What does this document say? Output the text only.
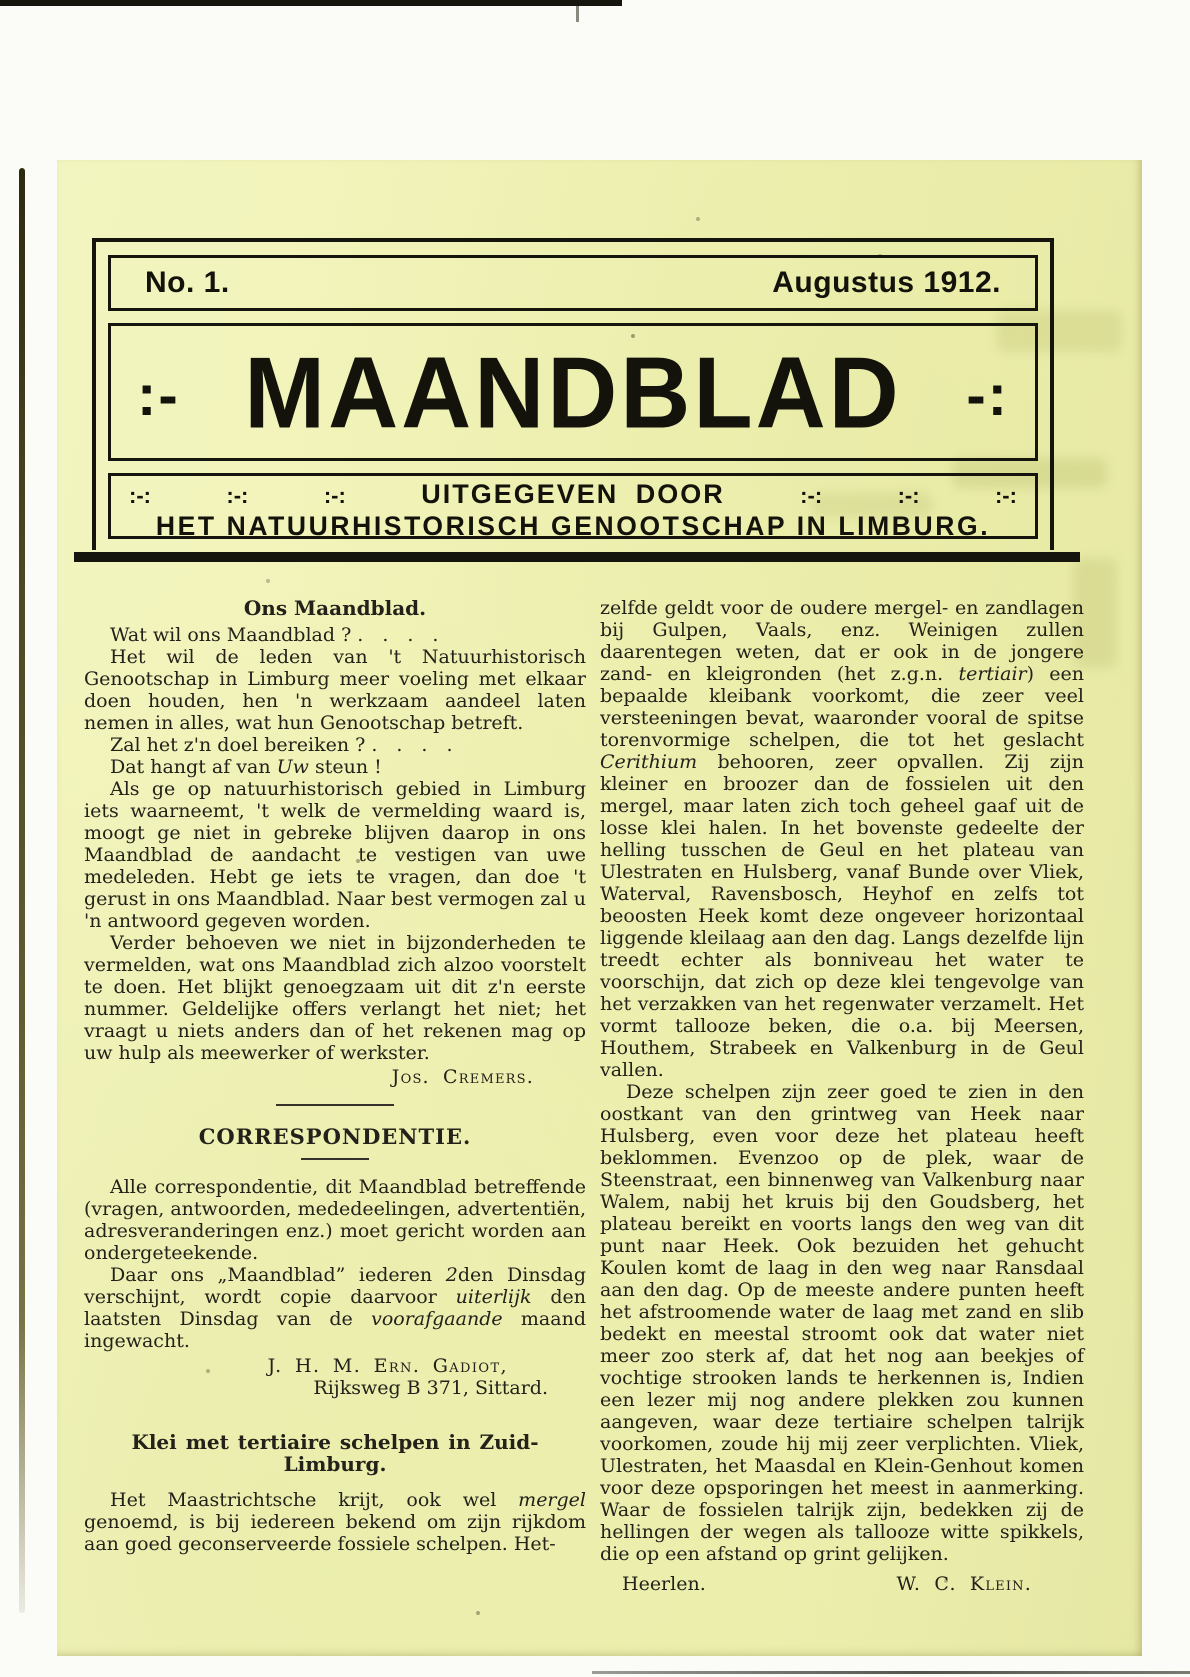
No. 1.	Augustus 1912.
:- MAANDBLAD -:
:-:	:-:	:-:	UITGEGEVEN DOOR	:-:	:-:	:-:
HET NATUURHISTORISCH GENOOTSCHAP IN LIMBURG.
Ons Maandblad.

Wat wil ons Maandblad ? . . . .

Het wil de leden van 't Natuurhistorisch Genootschap in Limburg meer voeling met elkaar doen houden, hen 'n werkzaam aandeel laten nemen in alles, wat hun Genootschap betreft.

Zal het z'n doel bereiken ? . . . .

Dat hangt af van Uw steun !

Als ge op natuurhistorisch gebied in Limburg iets waarneemt, 't welk de vermelding waard is, moogt ge niet in gebreke blijven daarop in ons Maandblad de aandacht te vestigen van uwe medeleden. Hebt ge iets te vragen, dan doe 't gerust in ons Maandblad. Naar best vermogen zal u 'n antwoord gegeven worden.

Verder behoeven we niet in bijzonderheden te vermelden, wat ons Maandblad zich alzoo voorstelt te doen. Het blijkt genoegzaam uit dit z'n eerste nummer. Geldelijke offers verlangt het niet; het vraagt u niets anders dan of het rekenen mag op uw hulp als meewerker of werkster.

Jos. Cremers.

CORRESPONDENTIE.

Alle correspondentie, dit Maandblad betreffende (vragen, antwoorden, mededeelingen, advertentiën, adresveranderingen enz.) moet gericht worden aan ondergeteekende.

Daar ons „Maandblad” iederen 2den Dinsdag verschijnt, wordt copie daarvoor uiterlijk den laatsten Dinsdag van de voorafgaande maand ingewacht.

J. H. M. Ern. Gadiot,
Rijksweg B 371, Sittard.
Klei met tertiaire schelpen in Zuid-Limburg.

Het Maastrichtsche krijt, ook wel mergel genoemd, is bij iedereen bekend om zijn rijkdom aan goed geconserveerde fossiele schelpen. Het-

zelfde geldt voor de oudere mergel- en zandlagen bij Gulpen, Vaals, enz. Weinigen zullen daarentegen weten, dat er ook in de jongere zand- en kleigronden (het z.g.n. tertiair) een bepaalde kleibank voorkomt, die zeer veel versteeningen bevat, waaronder vooral de spitse torenvormige schelpen, die tot het geslacht Cerithium behooren, zeer opvallen. Zij zijn kleiner en broozer dan de fossielen uit den mergel, maar laten zich toch geheel gaaf uit de losse klei halen. In het bovenste gedeelte der helling tusschen de Geul en het plateau van Ulestraten en Hulsberg, vanaf Bunde over Vliek, Waterval, Ravensbosch, Heyhof en zelfs tot beoosten Heek komt deze ongeveer horizontaal liggende kleilaag aan den dag. Langs dezelfde lijn treedt echter als bonniveau het water te voorschijn, dat zich op deze klei tengevolge van het verzakken van het regenwater verzamelt. Het vormt tallooze beken, die o.a. bij Meersen, Houthem, Strabeek en Valkenburg in de Geul vallen.

Deze schelpen zijn zeer goed te zien in den oostkant van den grintweg van Heek naar Hulsberg, even voor deze het plateau heeft beklommen. Evenzoo op de plek, waar de Steenstraat, een binnenweg van Valkenburg naar Walem, nabij het kruis bij den Goudsberg, het plateau bereikt en voorts langs den weg van dit punt naar Heek. Ook bezuiden het gehucht Koulen komt de laag in den weg naar Ransdaal aan den dag. Op de meeste andere punten heeft het afstroomende water de laag met zand en slib bedekt en meestal stroomt ook dat water niet meer zoo sterk af, dat het nog aan beekjes of vochtige strooken lands te herkennen is, Indien een lezer mij nog andere plekken zou kunnen aangeven, waar deze tertiaire schelpen talrijk voorkomen, zoude hij mij zeer verplichten. Vliek, Ulestraten, het Maasdal en Klein-Genhout komen voor deze opsporingen het meest in aanmerking. Waar de fossielen talrijk zijn, bedekken zij de hellingen der wegen als tallooze witte spikkels, die op een afstand op grint gelijken.

Heerlen.	W. C. Klein.
